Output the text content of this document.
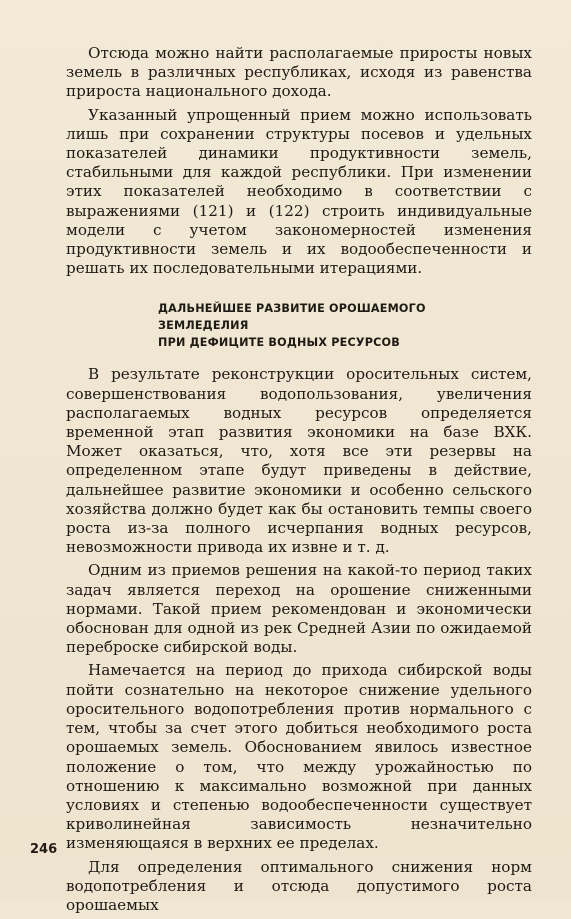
Отсюда можно найти располагаемые приросты новых земель в различных республиках, исходя из равенства прироста национального дохода.

Указанный упрощенный прием можно использовать лишь при сохранении структуры посевов и удельных показателей динамики продуктивности земель, стабильными для каждой республики. При изменении этих показателей необходимо в соответствии с выражениями (121) и (122) строить индивидуальные модели с учетом закономерностей изменения продуктивности земель и их водообеспеченности и решать их последовательными итерациями.

ДАЛЬНЕЙШЕЕ РАЗВИТИЕ ОРОШАЕМОГО
ЗЕМЛЕДЕЛИЯ
ПРИ ДЕФИЦИТЕ ВОДНЫХ РЕСУРСОВ

В результате реконструкции оросительных систем, совершенствования водопользования, увеличения располагаемых водных ресурсов определяется временной этап развития экономики на базе ВХК. Может оказаться, что, хотя все эти резервы на определенном этапе будут приведены в действие, дальнейшее развитие экономики и особенно сельского хозяйства должно будет как бы остановить темпы своего роста из-за полного исчерпания водных ресурсов, невозможности привода их извне и т. д.

Одним из приемов решения на какой-то период таких задач является переход на орошение сниженными нормами. Такой прием рекомендован и экономически обоснован для одной из рек Средней Азии по ожидаемой переброске сибирской воды.

Намечается на период до прихода сибирской воды пойти сознательно на некоторое снижение удельного оросительного водопотребления против нормального с тем, чтобы за счет этого добиться необходимого роста орошаемых земель. Обоснованием явилось известное положение о том, что между урожайностью по отношению к максимально возможной при данных условиях и степенью водообеспеченности существует криволинейная зависимость незначительно изменяющаяся в верхних ее пределах.

Для определения оптимального снижения норм водопотребления и отсюда допустимого роста орошаемых

246
